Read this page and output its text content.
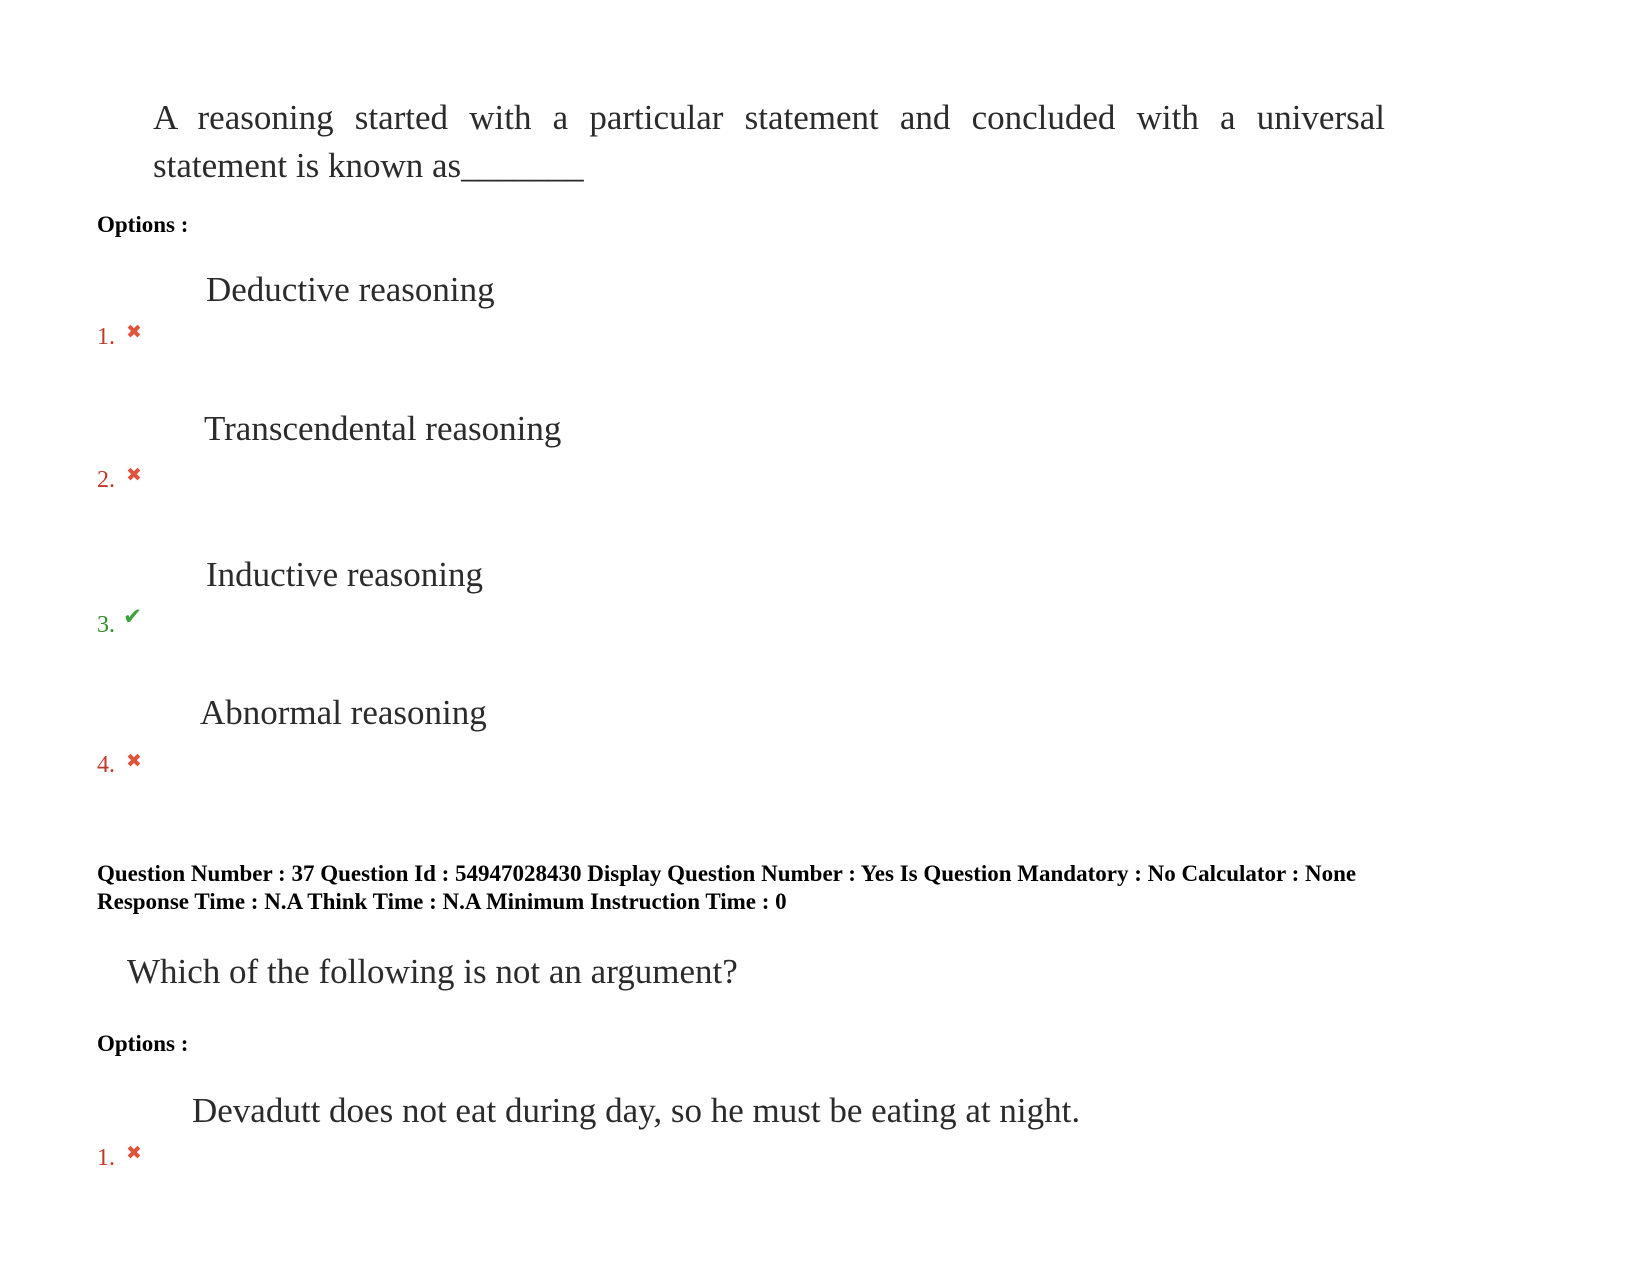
A reasoning started with a particular statement and concluded with a universal
statement is known as_______
Options :
Deductive reasoning
1. ✖
Transcendental reasoning
2. ✖
Inductive reasoning
3. ✔
Abnormal reasoning
4. ✖
Question Number : 37 Question Id : 54947028430 Display Question Number : Yes Is Question Mandatory : No Calculator : None
Response Time : N.A Think Time : N.A Minimum Instruction Time : 0
Which of the following is not an argument?
Options :
Devadutt does not eat during day, so he must be eating at night.
1. ✖
